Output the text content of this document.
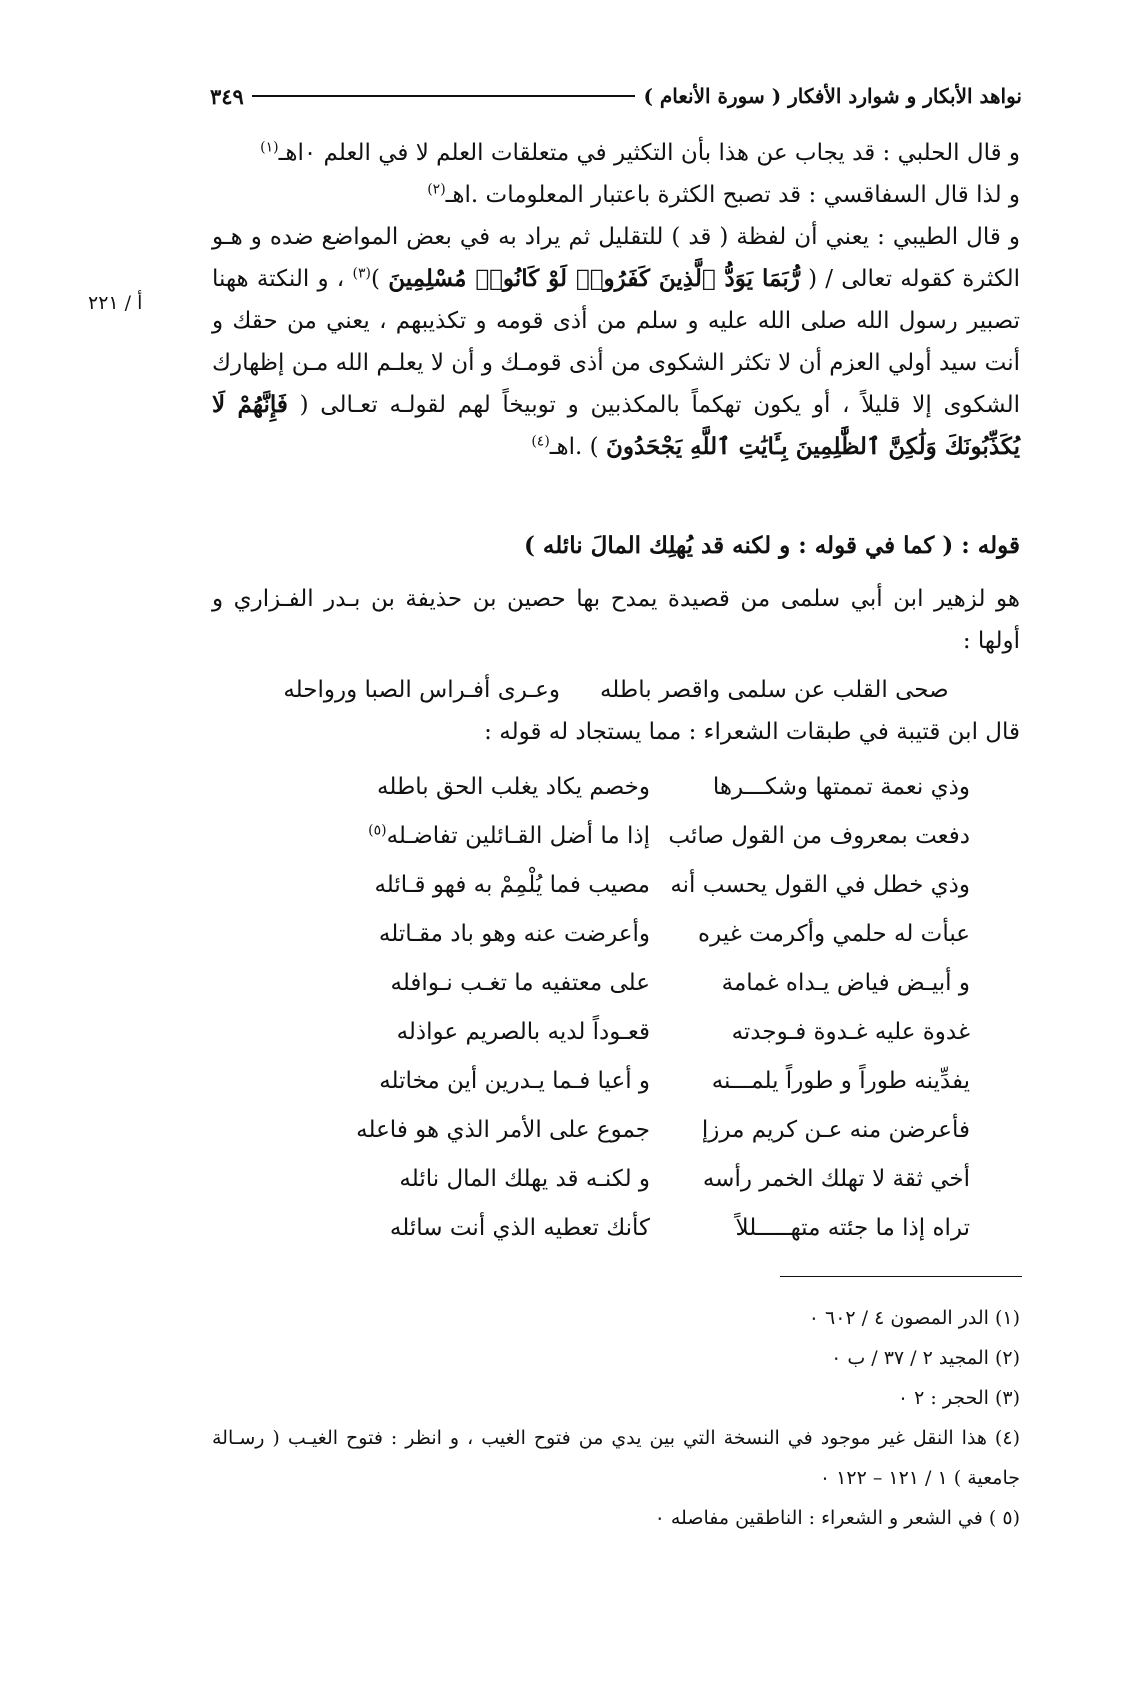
نواهد الأبكار و شوارد الأفكار ( سورة الأنعام )
٣٤٩
أ / ٢٢١

و قال الحلبي : قد يجاب عن هذا بأن التكثير في متعلقات العلم لا في العلم ٠اهـ$^{(١)}$

و لذا قال السفاقسي : قد تصبح الكثرة باعتبار المعلومات .اهـ$^{(٢)}$

و قال الطيبي : يعني أن لفظة ( قد ) للتقليل ثم يراد به في بعض المواضع ضده و هـو الكثرة كقوله تعالى / ( رُّبَمَا يَوَدُّ ٱلَّذِينَ كَفَرُوا۟ لَوْ كَانُوا۟ مُسْلِمِينَ )$^{(٣)}$ ، و النكتة ههنا تصبير رسول الله صلى الله عليه و سلم من أذى قومه و تكذيبهم ، يعني من حقك و أنت سيد أولي العزم أن لا تكثر الشكوى من أذى قومـك و أن لا يعلـم الله مـن إظهارك الشكوى إلا قليلاً ، أو يكون تهكماً بالمكذبين و توبيخاً لهم لقولـه تعـالى ( فَإِنَّهُمْ لَا يُكَذِّبُونَكَ وَلَٰكِنَّ ٱلظَّٰلِمِينَ بِـَٔايَٰتِ ٱللَّهِ يَجْحَدُونَ ) .اهـ$^{(٤)}$

قوله : ( كما في قوله : و لكنه قد يُهلِك المالَ نائله )
هو لزهير ابن أبي سلمى من قصيدة يمدح بها حصين بن حذيفة بن بـدر الفـزاري و أولها :
صحى القلب عن سلمى واقصر باطله
وعـرى أفـراس الصبا ورواحله
قال ابن قتيبة في طبقات الشعراء : مما يستجاد له قوله :
وذي نعمة تممتها وشكـــرها
وخصم يكاد يغلب الحق باطله
دفعت بمعروف من القول صائب
إذا ما أضل القـائلين تفاضـله$^{(٥)}$
وذي خطل في القول يحسب أنه
مصيب فما يُلْمِمْ به فهو قـائله
عبأت له حلمي وأكرمت غيره
وأعرضت عنه وهو باد مقـاتله
و أبيـض فياض يـداه غمامة
على معتفيه ما تغـب نـوافله
غدوة عليه غـدوة فـوجدته
قعـوداً لديه بالصريم عواذله
يفدِّينه طوراً و طوراً يلمـــنه
و أعيا فـما يـدرين أين مخاتله
فأعرضن منه عـن كريم مرزإ
جموع على الأمر الذي هو فاعله
أخي ثقة لا تهلك الخمر رأسه
و لكنـه قد يهلك المال نائله
تراه إذا ما جئته متهـــــللاً
كأنك تعطيه الذي أنت سائله
(١) الدر المصون ٤ / ٦٠٢ ٠
(٢) المجيد ٢ / ٣٧ / ب ٠
(٣) الحجر : ٢ ٠
(٤) هذا النقل غير موجود في النسخة التي بين يدي من فتوح الغيب ، و انظر : فتوح الغيـب ( رسـالة جامعية ) ١ / ١٢١ – ١٢٢ ٠
(٥ ) في الشعر و الشعراء : الناطقين مفاصله ٠
